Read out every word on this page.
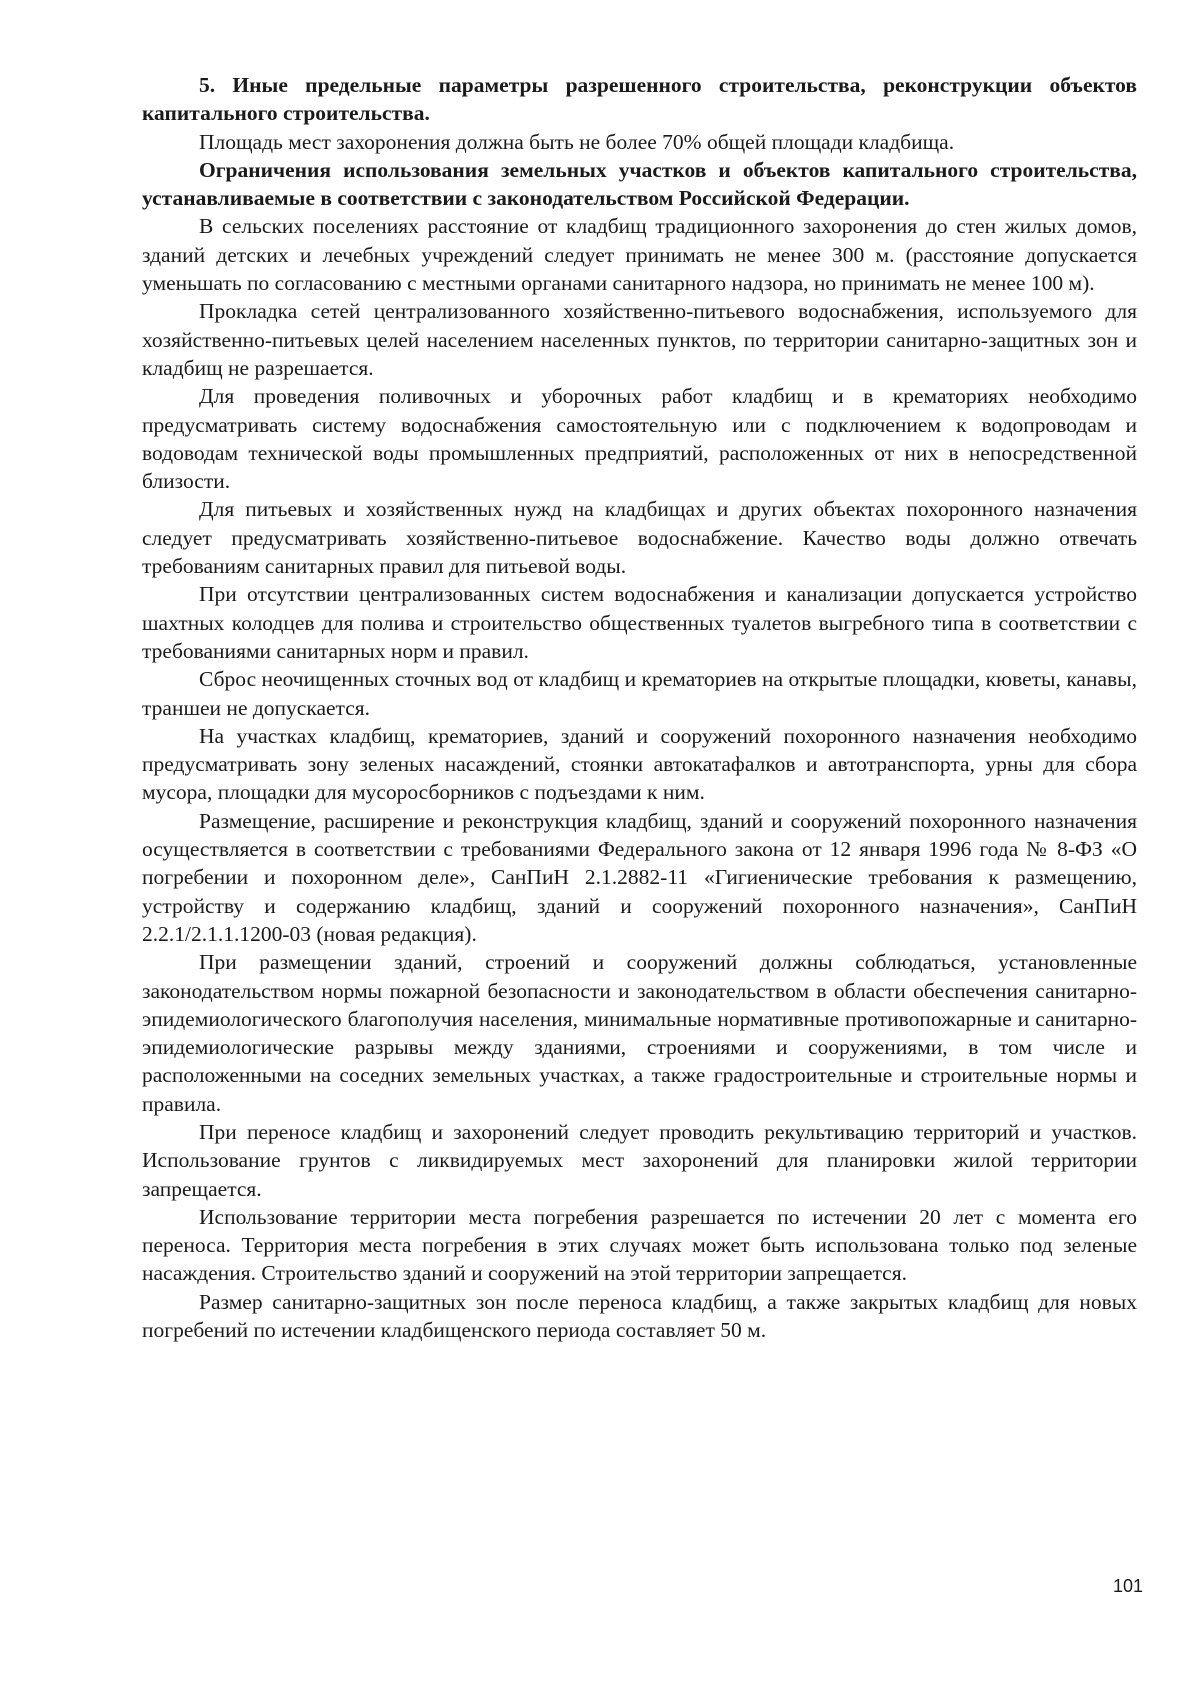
5. Иные предельные параметры разрешенного строительства, реконструкции объектов капитального строительства.

Площадь мест захоронения должна быть не более 70% общей площади кладбища.

Ограничения использования земельных участков и объектов капитального строительства, устанавливаемые в соответствии с законодательством Российской Федерации.

В сельских поселениях расстояние от кладбищ традиционного захоронения до стен жилых домов, зданий детских и лечебных учреждений следует принимать не менее 300 м. (расстояние допускается уменьшать по согласованию с местными органами санитарного надзора, но принимать не менее 100 м).

Прокладка сетей централизованного хозяйственно-питьевого водоснабжения, используемого для хозяйственно-питьевых целей населением населенных пунктов, по территории санитарно-защитных зон и кладбищ не разрешается.

Для проведения поливочных и уборочных работ кладбищ и в крематориях необходимо предусматривать систему водоснабжения самостоятельную или с подключением к водопроводам и водоводам технической воды промышленных предприятий, расположенных от них в непосредственной близости.

Для питьевых и хозяйственных нужд на кладбищах и других объектах похоронного назначения следует предусматривать хозяйственно-питьевое водоснабжение. Качество воды должно отвечать требованиям санитарных правил для питьевой воды.

При отсутствии централизованных систем водоснабжения и канализации допускается устройство шахтных колодцев для полива и строительство общественных туалетов выгребного типа в соответствии с требованиями санитарных норм и правил.

Сброс неочищенных сточных вод от кладбищ и крематориев на открытые площадки, кюветы, канавы, траншеи не допускается.

На участках кладбищ, крематориев, зданий и сооружений похоронного назначения необходимо предусматривать зону зеленых насаждений, стоянки автокатафалков и автотранспорта, урны для сбора мусора, площадки для мусоросборников с подъездами к ним.

Размещение, расширение и реконструкция кладбищ, зданий и сооружений похоронного назначения осуществляется в соответствии с требованиями Федерального закона от 12 января 1996 года № 8-ФЗ «О погребении и похоронном деле», СанПиН 2.1.2882-11 «Гигиенические требования к размещению, устройству и содержанию кладбищ, зданий и сооружений похоронного назначения», СанПиН 2.2.1/2.1.1.1200-03 (новая редакция).

При размещении зданий, строений и сооружений должны соблюдаться, установленные законодательством нормы пожарной безопасности и законодательством в области обеспечения санитарно-эпидемиологического благополучия населения, минимальные нормативные противопожарные и санитарно-эпидемиологические разрывы между зданиями, строениями и сооружениями, в том числе и расположенными на соседних земельных участках, а также градостроительные и строительные нормы и правила.

При переносе кладбищ и захоронений следует проводить рекультивацию территорий и участков. Использование грунтов с ликвидируемых мест захоронений для планировки жилой территории запрещается.

Использование территории места погребения разрешается по истечении 20 лет с момента его переноса. Территория места погребения в этих случаях может быть использована только под зеленые насаждения. Строительство зданий и сооружений на этой территории запрещается.

Размер санитарно-защитных зон после переноса кладбищ, а также закрытых кладбищ для новых погребений по истечении кладбищенского периода составляет 50 м.

101
